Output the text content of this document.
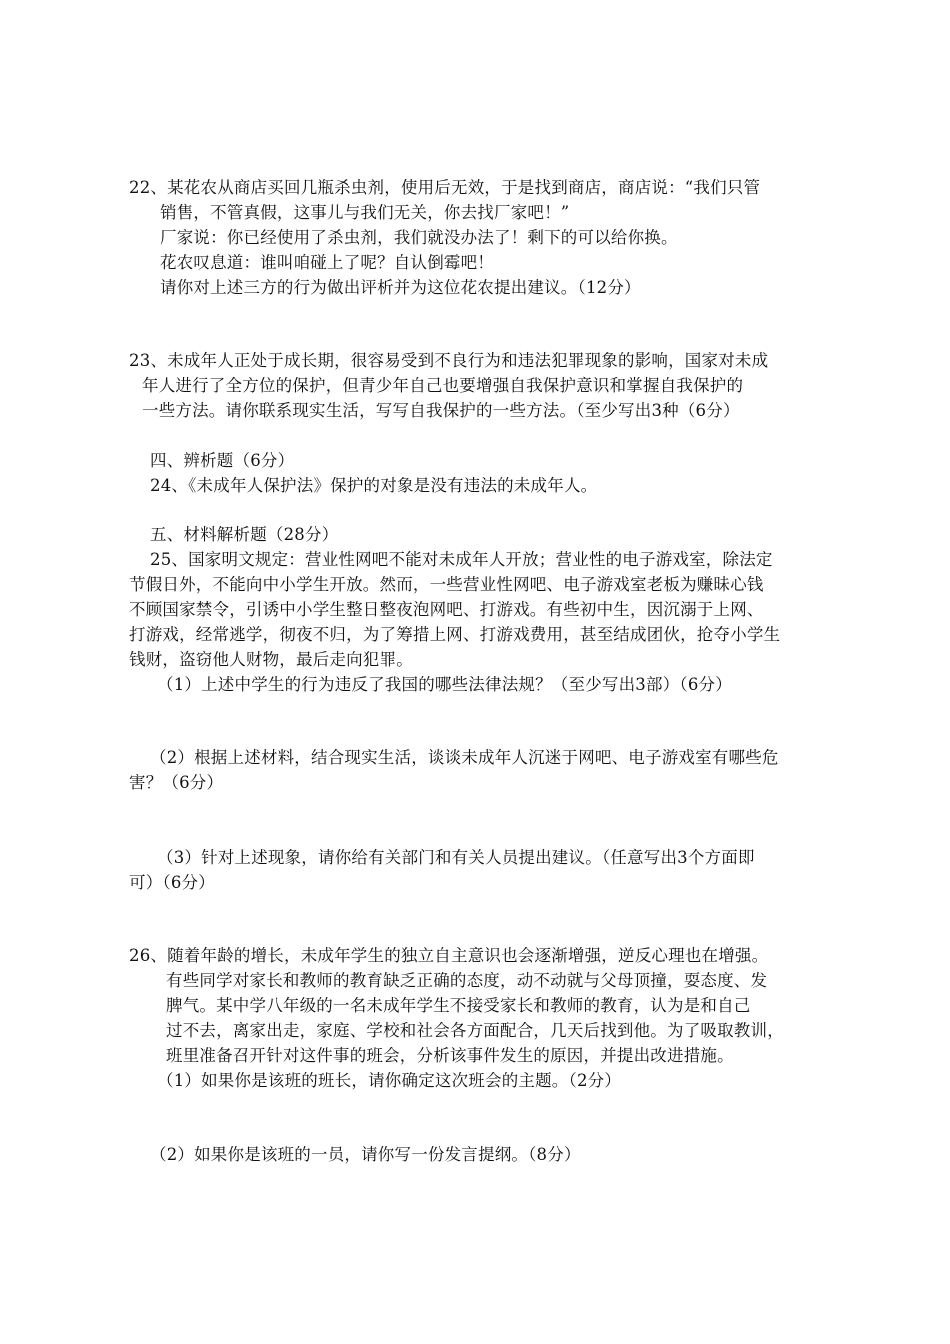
22、某花农从商店买回几瓶杀虫剂，使用后无效，于是找到商店，商店说：“我们只管
销售，不管真假，这事儿与我们无关，你去找厂家吧！”
厂家说：你已经使用了杀虫剂，我们就没办法了！剩下的可以给你换。
花农叹息道：谁叫咱碰上了呢？自认倒霉吧！
请你对上述三方的行为做出评析并为这位花农提出建议。（12分）
23、未成年人正处于成长期，很容易受到不良行为和违法犯罪现象的影响，国家对未成
年人进行了全方位的保护，但青少年自己也要增强自我保护意识和掌握自我保护的
一些方法。请你联系现实生活，写写自我保护的一些方法。（至少写出3种（6分）
四、辨析题（6分）
24、《未成年人保护法》保护的对象是没有违法的未成年人。
五、材料解析题（28分）
25、国家明文规定：营业性网吧不能对未成年人开放；营业性的电子游戏室，除法定
节假日外，不能向中小学生开放。然而，一些营业性网吧、电子游戏室老板为赚昧心钱
不顾国家禁令，引诱中小学生整日整夜泡网吧、打游戏。有些初中生，因沉溺于上网、
打游戏，经常逃学，彻夜不归，为了筹措上网、打游戏费用，甚至结成团伙，抢夺小学生
钱财，盗窃他人财物，最后走向犯罪。
（1）上述中学生的行为违反了我国的哪些法律法规？（至少写出3部）（6分）
（2）根据上述材料，结合现实生活，谈谈未成年人沉迷于网吧、电子游戏室有哪些危
害？（6分）
（3）针对上述现象，请你给有关部门和有关人员提出建议。（任意写出3个方面即
可）（6分）
26、随着年龄的增长，未成年学生的独立自主意识也会逐渐增强，逆反心理也在增强。
有些同学对家长和教师的教育缺乏正确的态度，动不动就与父母顶撞，耍态度、发
脾气。某中学八年级的一名未成年学生不接受家长和教师的教育，认为是和自己
过不去，离家出走，家庭、学校和社会各方面配合，几天后找到他。为了吸取教训，
班里准备召开针对这件事的班会，分析该事件发生的原因，并提出改进措施。
（1）如果你是该班的班长，请你确定这次班会的主题。（2分）
（2）如果你是该班的一员，请你写一份发言提纲。（8分）
